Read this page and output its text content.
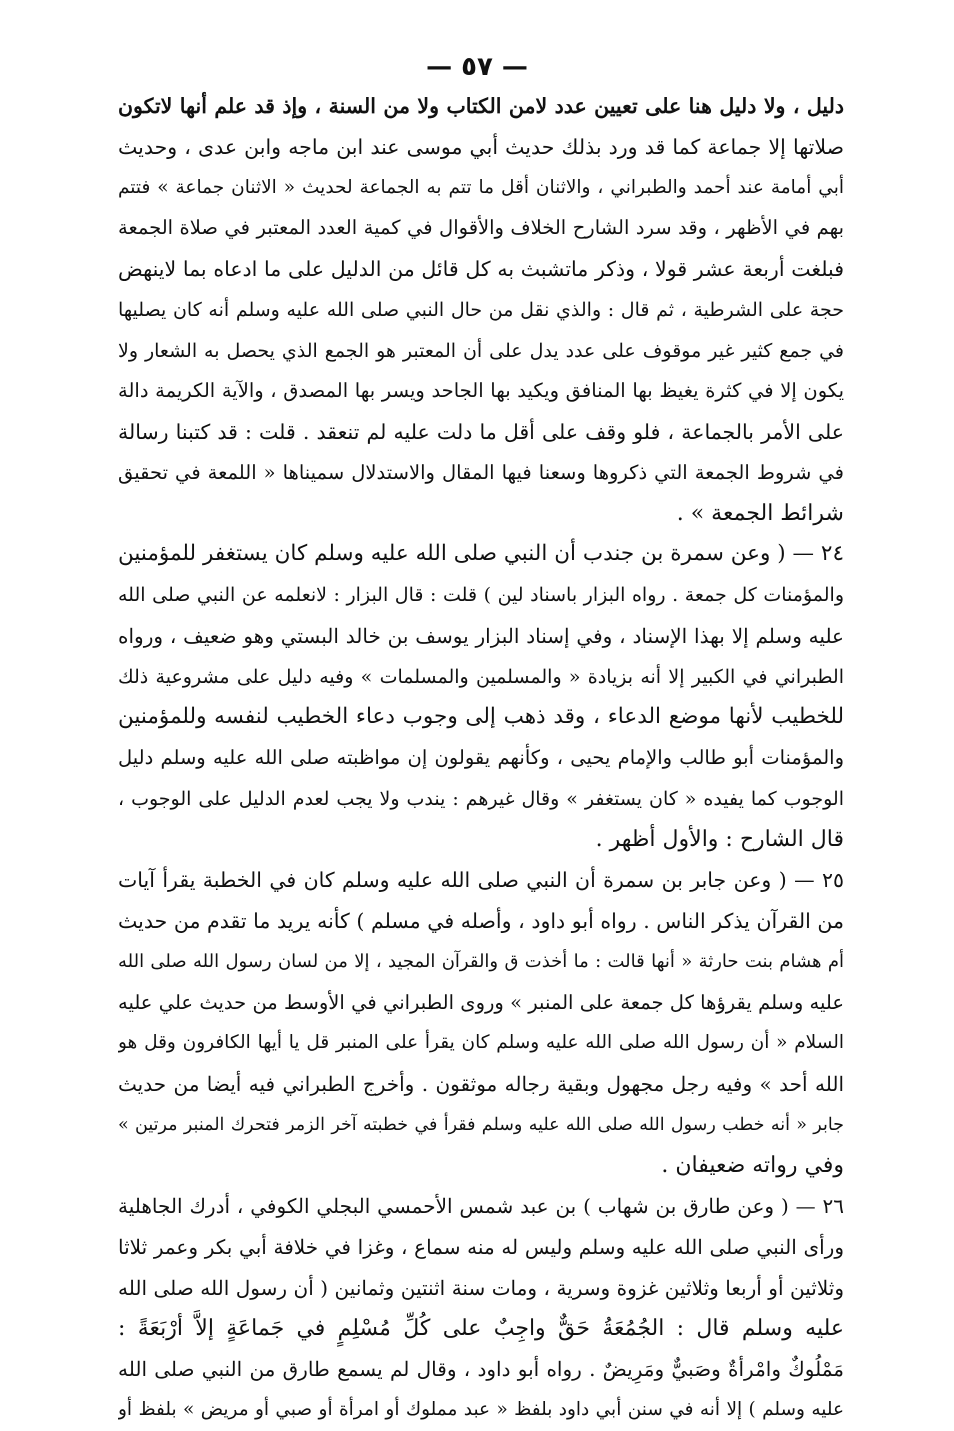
— ٥٧ —
دليل ، ولا دليل هنا على تعيين عدد لامن الكتاب ولا من السنة ، وإذ قد علم أنها لاتكون
صلاتها إلا جماعة كما قد ورد بذلك حديث أبي موسى عند ابن ماجه وابن عدى ، وحديث
أبي أمامة عند أحمد والطبراني ، والاثنان أقل ما تتم به الجماعة لحديث « الاثنان جماعة » فتتم
بهم في الأظهر ، وقد سرد الشارح الخلاف والأقوال في كمية العدد المعتبر في صلاة الجمعة
فبلغت أربعة عشر قولا ، وذكر ماتشبث به كل قائل من الدليل على ما ادعاه بما لاينهض
حجة على الشرطية ، ثم قال : والذي نقل من حال النبي صلى الله عليه وسلم أنه كان يصليها
في جمع كثير غير موقوف على عدد يدل على أن المعتبر هو الجمع الذي يحصل به الشعار ولا
يكون إلا في كثرة يغيظ بها المنافق ويكيد بها الجاحد ويسر بها المصدق ، والآية الكريمة دالة
على الأمر بالجماعة ، فلو وقف على أقل ما دلت عليه لم تنعقد . قلت : قد كتبنا رسالة
في شروط الجمعة التي ذكروها وسعنا فيها المقال والاستدلال سميناها « اللمعة في تحقيق
شرائط الجمعة » .
٢٤ — ( وعن سمرة بن جندب أن النبي صلى الله عليه وسلم كان يستغفر للمؤمنين
والمؤمنات كل جمعة . رواه البزار باسناد لين ) قلت : قال البزار : لانعلمه عن النبي صلى الله
عليه وسلم إلا بهذا الإسناد ، وفي إسناد البزار يوسف بن خالد البستي وهو ضعيف ، ورواه
الطبراني في الكبير إلا أنه بزيادة « والمسلمين والمسلمات » وفيه دليل على مشروعية ذلك
للخطيب لأنها موضع الدعاء ، وقد ذهب إلى وجوب دعاء الخطيب لنفسه وللمؤمنين
والمؤمنات أبو طالب والإمام يحيى ، وكأنهم يقولون إن مواظبته صلى الله عليه وسلم دليل
الوجوب كما يفيده « كان يستغفر » وقال غيرهم : يندب ولا يجب لعدم الدليل على الوجوب ،
قال الشارح : والأول أظهر .
٢٥ — ( وعن جابر بن سمرة أن النبي صلى الله عليه وسلم كان في الخطبة يقرأ آيات
من القرآن يذكر الناس . رواه أبو داود ، وأصله في مسلم ) كأنه يريد ما تقدم من حديث
أم هشام بنت حارثة « أنها قالت : ما أخذت ق والقرآن المجيد ، إلا من لسان رسول الله صلى الله
عليه وسلم يقرؤها كل جمعة على المنبر » وروى الطبراني في الأوسط من حديث علي عليه
السلام « أن رسول الله صلى الله عليه وسلم كان يقرأ على المنبر قل يا أيها الكافرون وقل هو
الله أحد » وفيه رجل مجهول وبقية رجاله موثقون . وأخرج الطبراني فيه أيضا من حديث
جابر « أنه خطب رسول الله صلى الله عليه وسلم فقرأ في خطبته آخر الزمر فتحرك المنبر مرتين »
وفي رواته ضعيفان .
٢٦ — ( وعن طارق بن شهاب ) بن عبد شمس الأحمسي البجلي الكوفي ، أدرك الجاهلية
ورأى النبي صلى الله عليه وسلم وليس له منه سماع ، وغزا في خلافة أبي بكر وعمر ثلاثا
وثلاثين أو أربعا وثلاثين غزوة وسرية ، ومات سنة اثنتين وثمانين ( أن رسول الله صلى الله
عليه وسلم قال : الجُمُعَةُ حَقٌّ واجِبٌ على كُلِّ مُسْلِمٍ في جَماعَةٍ إلاَّ أرْبَعَةً :
مَمْلُوكٌ وامْرأةٌ وصَبيٌّ ومَرِيضٌ . رواه أبو داود ، وقال لم يسمع طارق من النبي صلى الله
عليه وسلم ) إلا أنه في سنن أبي داود بلفظ « عبد مملوك أو امرأة أو صبي أو مريض » بلفظ أو
